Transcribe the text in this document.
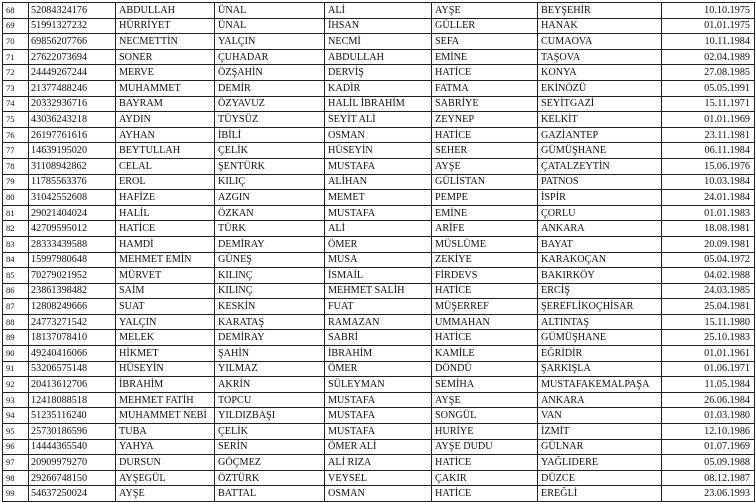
68	52084324176	ABDULLAH	ÜNAL	ALİ	AYŞE	BEYŞEHİR	10.10.1975
69	51991327232	HÜRRİYET	ÜNAL	İHSAN	GÜLLER	HANAK	01.01.1975
70	69856207766	NECMETTİN	YALÇIN	NECMİ	SEFA	CUMAOVA	10.11.1984
71	27622073694	SONER	ÇUHADAR	ABDULLAH	EMİNE	TAŞOVA	02.04.1989
72	24449267244	MERVE	ÖZŞAHİN	DERVİŞ	HATİCE	KONYA	27.08.1985
73	21377488246	MUHAMMET	DEMİR	KADİR	FATMA	EKİNÖZÜ	05.05.1991
74	20332936716	BAYRAM	ÖZYAVUZ	HALİL İBRAHİM	SABRİYE	SEYİTGAZİ	15.11.1971
75	43036243218	AYDIN	TÜYSÜZ	SEYİT ALİ	ZEYNEP	KELKİT	01.01.1969
76	26197761616	AYHAN	İBİLİ	OSMAN	HATİCE	GAZİANTEP	23.11.1981
77	14639195020	BEYTULLAH	ÇELİK	HÜSEYİN	SEHER	GÜMÜŞHANE	06.11.1984
78	31108942862	CELAL	ŞENTÜRK	MUSTAFA	AYŞE	ÇATALZEYTİN	15.06.1976
79	11785563376	EROL	KILIÇ	ALİHAN	GÜLİSTAN	PATNOS	10.03.1984
80	31042552608	HAFİZE	AZGIN	MEMET	PEMPE	İSPİR	24.01.1984
81	29021404024	HALİL	ÖZKAN	MUSTAFA	EMİNE	ÇORLU	01.01.1983
82	42709595012	HATİCE	TÜRK	ALİ	ARİFE	ANKARA	18.08.1981
83	28333439588	HAMDİ	DEMİRAY	ÖMER	MÜSLÜME	BAYAT	20.09.1981
84	15997980648	MEHMET EMİN	GÜNEŞ	MUSA	ZEKİYE	KARAKOÇAN	05.04.1972
85	70279021952	MÜRVET	KILINÇ	İSMAİL	FİRDEVS	BAKIRKÖY	04.02.1988
86	23861398482	SAİM	KILINÇ	MEHMET SALİH	HATİCE	ERCİŞ	24.03.1985
87	12808249666	SUAT	KESKİN	FUAT	MÜŞERREF	ŞEREFLİKOÇHİSAR	25.04.1981
88	24773271542	YALÇIN	KARATAŞ	RAMAZAN	UMMAHAN	ALTINTAŞ	15.11.1980
89	18137078410	MELEK	DEMİRAY	SABRİ	HATİCE	GÜMÜŞHANE	25.10.1983
90	49240416066	HİKMET	ŞAHİN	İBRAHİM	KAMİLE	EĞRİDİR	01.01.1961
91	53206575148	HÜSEYİN	YILMAZ	ÖMER	DÖNDÜ	ŞARKIŞLA	01.06.1971
92	20413612706	İBRAHİM	AKRİN	SÜLEYMAN	SEMİHA	MUSTAFAKEMALPAŞA	11.05.1984
93	12418088518	MEHMET FATİH	TOPCU	MUSTAFA	AYŞE	ANKARA	26.06.1984
94	51235116240	MUHAMMET NEBİ	YILDIZBAŞI	MUSTAFA	SONGÜL	VAN	01.03.1980
95	25730186596	TUBA	ÇELİK	MUSTAFA	HURİYE	İZMİT	12.10.1986
96	14444365540	YAHYA	SERİN	ÖMER ALİ	AYŞE DUDU	GÜLNAR	01.07.1969
97	20909979270	DURSUN	GÖÇMEZ	ALİ RIZA	HATİCE	YAĞLIDERE	05.09.1988
98	29266748150	AYŞEGÜL	ÖZTÜRK	VEYSEL	ÇAKIR	DÜZCE	08.12.1987
99	54637250024	AYŞE	BATTAL	OSMAN	HATİCE	EREĞLİ	23.06.1993
